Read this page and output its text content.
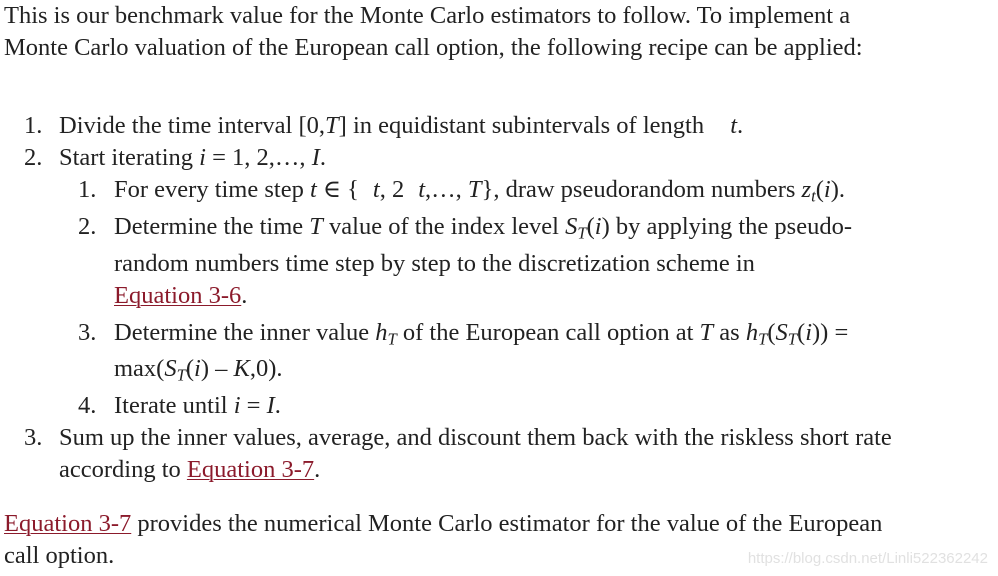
This is our benchmark value for the Monte Carlo estimators to follow. To implement a
Monte Carlo valuation of the European call option, the following recipe can be applied:

1. Divide the time interval [0,T] in equidistant subintervals of length t.
2. Start iterating i = 1, 2,…, I.
1. For every time step t ∈ { t, 2 t,…, T}, draw pseudorandom numbers $z_t(i)$.
2. Determine the time T value of the index level $S_T(i)$ by applying the pseudo-
random numbers time step by step to the discretization scheme in
Equation 3-6.
3. Determine the inner value $h_T$ of the European call option at T as $h_T(S_T(i))$ =
$\max(S_T(i) - K,0)$.
4. Iterate until i = I.
3. Sum up the inner values, average, and discount them back with the riskless short rate
according to Equation 3-7.

Equation 3-7 provides the numerical Monte Carlo estimator for the value of the European
call option.	https://blog.csdn.net/Linli522362242
